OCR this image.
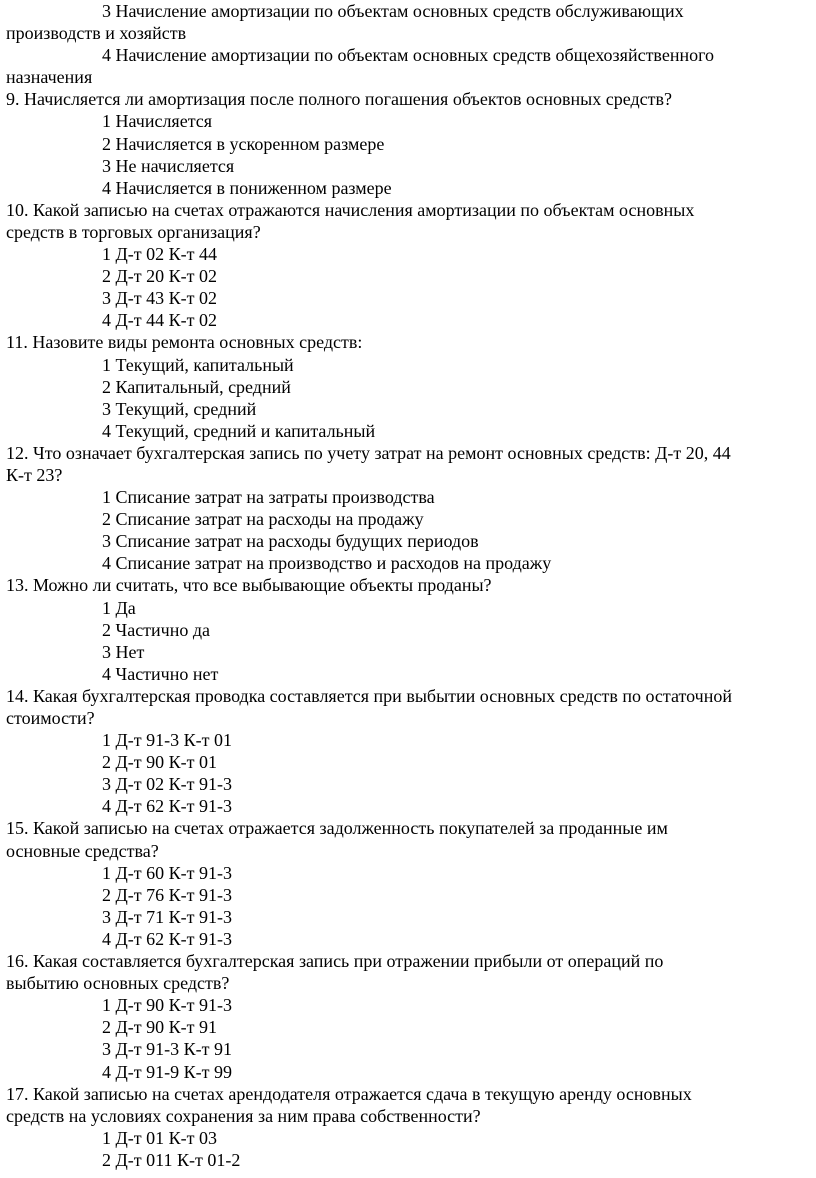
3 Начисление амортизации по объектам основных средств обслуживающих
производств и хозяйств
4 Начисление амортизации по объектам основных средств общехозяйственного
назначения
9. Начисляется ли амортизация после полного погашения объектов основных средств?
1 Начисляется
2 Начисляется в ускоренном размере
3 Не начисляется
4 Начисляется в пониженном размере
10. Какой записью на счетах отражаются начисления амортизации по объектам основных
средств в торговых организация?
1 Д-т 02 К-т 44
2 Д-т 20 К-т 02
3 Д-т 43 К-т 02
4 Д-т 44 К-т 02
11. Назовите виды ремонта основных средств:
1 Текущий, капитальный
2 Капитальный, средний
3 Текущий, средний
4 Текущий, средний и капитальный
12. Что означает бухгалтерская запись по учету затрат на ремонт основных средств: Д-т 20, 44
К-т 23?
1 Списание затрат на затраты производства
2 Списание затрат на расходы на продажу
3 Списание затрат на расходы будущих периодов
4 Списание затрат на производство и расходов на продажу
13. Можно ли считать, что все выбывающие объекты проданы?
1 Да
2 Частично да
3 Нет
4 Частично нет
14. Какая бухгалтерская проводка составляется при выбытии основных средств по остаточной
стоимости?
1 Д-т 91-3 К-т 01
2 Д-т 90 К-т 01
3 Д-т 02 К-т 91-3
4 Д-т 62 К-т 91-3
15. Какой записью на счетах отражается задолженность покупателей за проданные им
основные средства?
1 Д-т 60 К-т 91-3
2 Д-т 76 К-т 91-3
3 Д-т 71 К-т 91-3
4 Д-т 62 К-т 91-3
16. Какая составляется бухгалтерская запись при отражении прибыли от операций по
выбытию основных средств?
1 Д-т 90 К-т 91-3
2 Д-т 90 К-т 91
3 Д-т 91-3 К-т 91
4 Д-т 91-9 К-т 99
17. Какой записью на счетах арендодателя отражается сдача в текущую аренду основных
средств на условиях сохранения за ним права собственности?
1 Д-т 01 К-т 03
2 Д-т 011 К-т 01-2
